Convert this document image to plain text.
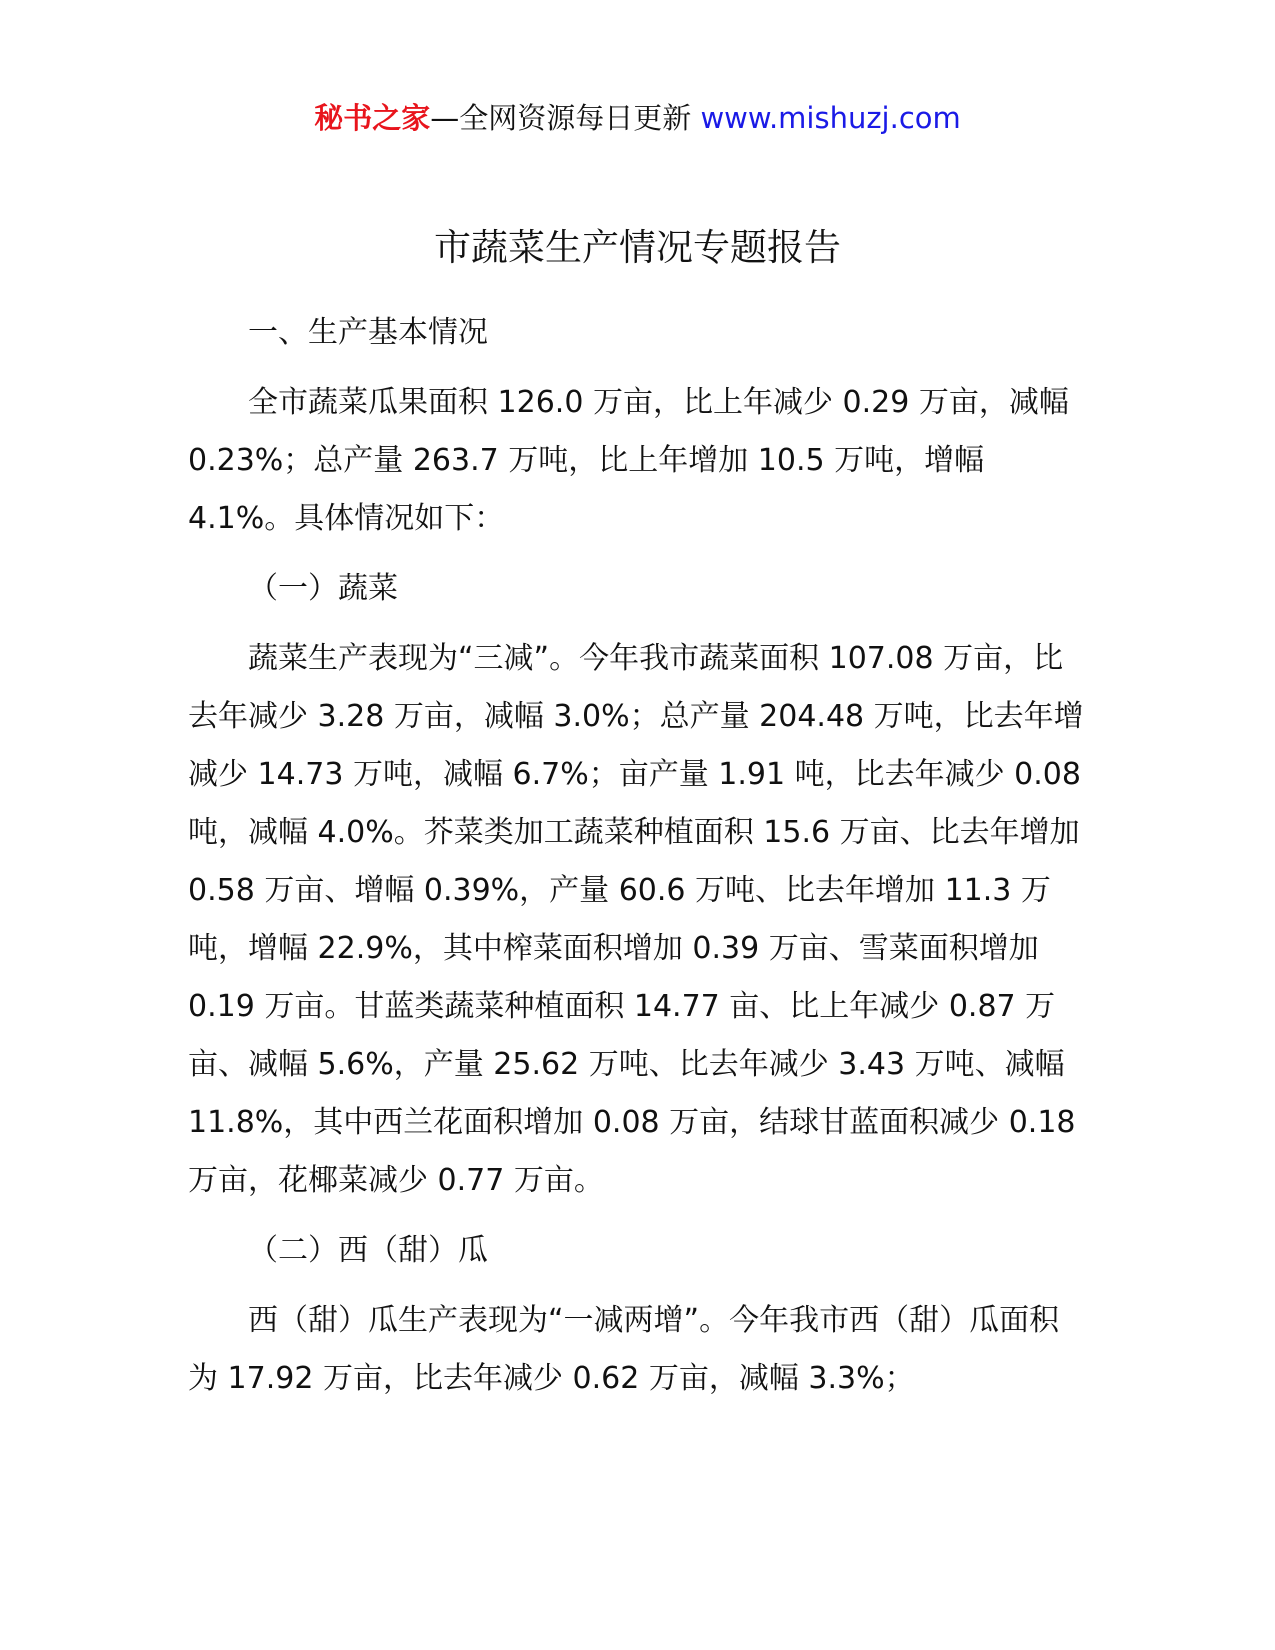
秘书之家—全网资源每日更新 www.mishuzj.com
市蔬菜生产情况专题报告

一、生产基本情况

全市蔬菜瓜果面积 126.0 万亩，比上年减少 0.29 万亩，减幅 0.23%；总产量 263.7 万吨，比上年增加 10.5 万吨，增幅 4.1%。具体情况如下：

（一）蔬菜

蔬菜生产表现为“三减”。今年我市蔬菜面积 107.08 万亩，比去年减少 3.28 万亩，减幅 3.0%；总产量 204.48 万吨，比去年增减少 14.73 万吨，减幅 6.7%；亩产量 1.91 吨，比去年减少 0.08 吨，减幅 4.0%。芥菜类加工蔬菜种植面积 15.6 万亩、比去年增加 0.58 万亩、增幅 0.39%，产量 60.6 万吨、比去年增加 11.3 万吨，增幅 22.9%，其中榨菜面积增加 0.39 万亩、雪菜面积增加 0.19 万亩。甘蓝类蔬菜种植面积 14.77 亩、比上年减少 0.87 万亩、减幅 5.6%，产量 25.62 万吨、比去年减少 3.43 万吨、减幅 11.8%，其中西兰花面积增加 0.08 万亩，结球甘蓝面积减少 0.18 万亩，花椰菜减少 0.77 万亩。

（二）西（甜）瓜

西（甜）瓜生产表现为“一减两增”。今年我市西（甜）瓜面积为 17.92 万亩，比去年减少 0.62 万亩，减幅 3.3%；
